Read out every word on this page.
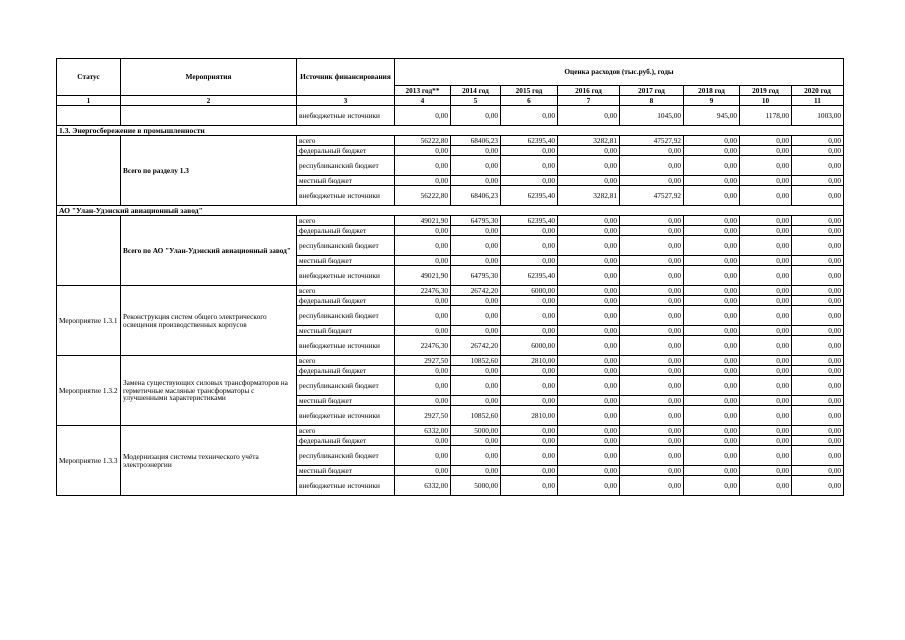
Статус	Мероприятия	Источник финансирования	Оценка расходов (тыс.руб.), годы							
			2013 год**	2014 год	2015 год	2016 год	2017 год	2018 год	2019 год	2020 год
1	2	3	4	5	6	7	8	9	10	11
		внебюджетные источники	0,00	0,00	0,00	0,00	1045,00	945,00	1178,00	1003,00
1.3. Энергосбережение в промышленности										
	Всего по разделу 1.3	всего	56222,80	68406,23	62395,40	3282,81	47527,92	0,00	0,00	0,00
		федеральный бюджет	0,00	0,00	0,00	0,00	0,00	0,00	0,00	0,00
		республиканский бюджет	0,00	0,00	0,00	0,00	0,00	0,00	0,00	0,00
		местный бюджет	0,00	0,00	0,00	0,00	0,00	0,00	0,00	0,00
		внебюджетные источники	56222,80	68406,23	62395,40	3282,81	47527,92	0,00	0,00	0,00
АО "Улан-Удэнский авиационный завод"										
	Всего по АО "Улан-Удэнский авиационный завод"	всего	49021,90	64795,30	62395,40	0,00	0,00	0,00	0,00	0,00
		федеральный бюджет	0,00	0,00	0,00	0,00	0,00	0,00	0,00	0,00
		республиканский бюджет	0,00	0,00	0,00	0,00	0,00	0,00	0,00	0,00
		местный бюджет	0,00	0,00	0,00	0,00	0,00	0,00	0,00	0,00
		внебюджетные источники	49021,90	64795,30	62395,40	0,00	0,00	0,00	0,00	0,00
Мероприятие 1.3.1	Реконструкция систем общего электрического освещения производственных корпусов	всего	22476,30	26742,20	6000,00	0,00	0,00	0,00	0,00	0,00
		федеральный бюджет	0,00	0,00	0,00	0,00	0,00	0,00	0,00	0,00
		республиканский бюджет	0,00	0,00	0,00	0,00	0,00	0,00	0,00	0,00
		местный бюджет	0,00	0,00	0,00	0,00	0,00	0,00	0,00	0,00
		внебюджетные источники	22476,30	26742,20	6000,00	0,00	0,00	0,00	0,00	0,00
Мероприятие 1.3.2	Замена существующих силовых трансформаторов на герметичные масляные трансформаторы с улучшенными характеристиками	всего	2927,50	10852,60	2810,00	0,00	0,00	0,00	0,00	0,00
		федеральный бюджет	0,00	0,00	0,00	0,00	0,00	0,00	0,00	0,00
		республиканский бюджет	0,00	0,00	0,00	0,00	0,00	0,00	0,00	0,00
		местный бюджет	0,00	0,00	0,00	0,00	0,00	0,00	0,00	0,00
		внебюджетные источники	2927,50	10852,60	2810,00	0,00	0,00	0,00	0,00	0,00
Мероприятие 1.3.3	Модернизация системы технического учёта электроэнергии	всего	6332,00	5000,00	0,00	0,00	0,00	0,00	0,00	0,00
		федеральный бюджет	0,00	0,00	0,00	0,00	0,00	0,00	0,00	0,00
		республиканский бюджет	0,00	0,00	0,00	0,00	0,00	0,00	0,00	0,00
		местный бюджет	0,00	0,00	0,00	0,00	0,00	0,00	0,00	0,00
		внебюджетные источники	6332,00	5000,00	0,00	0,00	0,00	0,00	0,00	0,00
